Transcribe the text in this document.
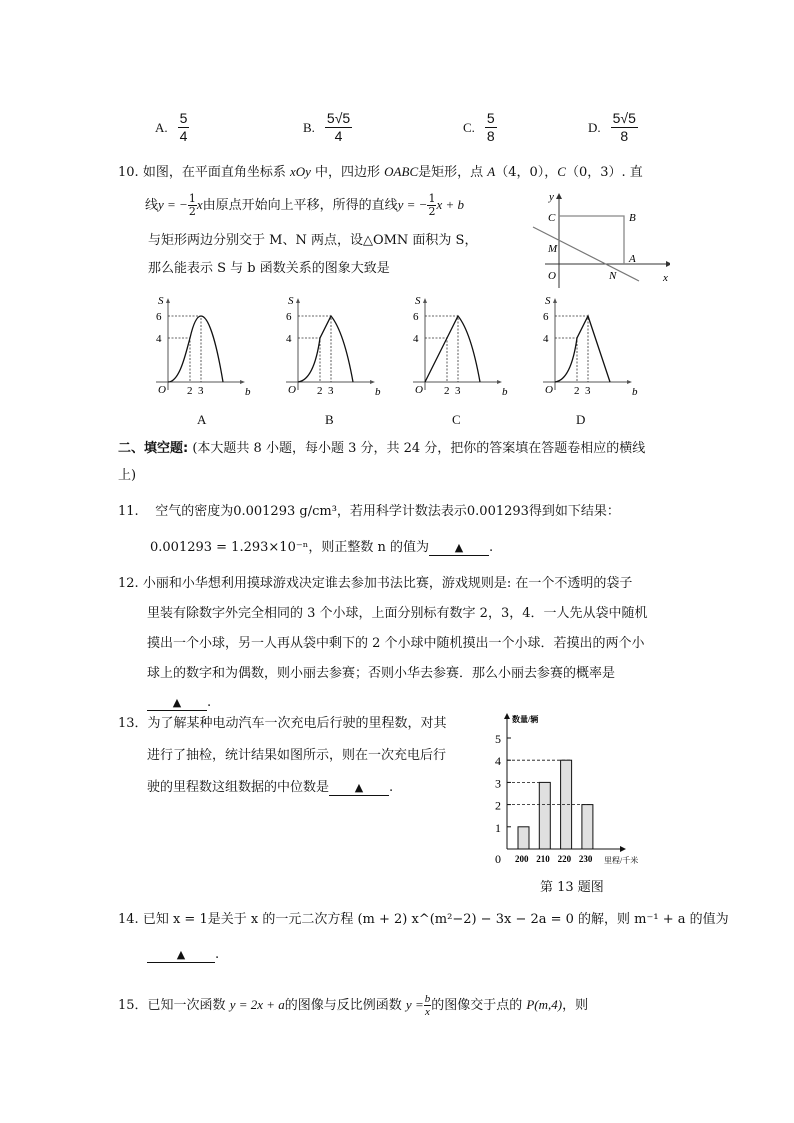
A. $\frac{5}{4}$	B. $\frac{5√5}{4}$	C. $\frac{5}{8}$	D. $\frac{5√5}{8}$
10. 如图，在平面直角坐标系 xOy 中，四边形 OABC是矩形，点 A（4，0），C（0，3）. 直
线y = − $\frac{1}{2}$ x由原点开始向上平移，所得的直线y = − $\frac{1}{2}$ x + b
与矩形两边分别交于 M、N 两点，设△OMN 面积为 S，
那么能表示 S 与 b 函数关系的图象大致是
y
x
C	B
M
A
O	N
S
b
O
6
4
2 3
S
b
O
6
4
2 3
S
b
O
6
4
2 3
S
b
O
6
4
2 3
A	B	C	D
二、填空题: (本大题共 8 小题，每小题 3 分，共 24 分，把你的答案填在答题卷相应的横线
上)
11. 空气的密度为0.001293 g/cm³，若用科学计数法表示0.001293得到如下结果：
0.001293 = 1.293×10⁻ⁿ，则正整数 n 的值为 ▲ .
12. 小丽和小华想利用摸球游戏决定谁去参加书法比赛，游戏规则是: 在一个不透明的袋子
里装有除数字外完全相同的 3 个小球，上面分别标有数字 2，3，4．一人先从袋中随机
摸出一个小球，另一人再从袋中剩下的 2 个小球中随机摸出一个小球．若摸出的两个小
球上的数字和为偶数，则小丽去参赛；否则小华去参赛．那么小丽去参赛的概率是
▲ .
13．为了解某种电动汽车一次充电后行驶的里程数，对其
进行了抽检，统计结果如图所示，则在一次充电后行
驶的里程数这组数据的中位数是 ▲ .
0
1
2
3
4
5
200 210 220 230
数量/辆
里程/千米
第 13 题图
14. 已知 x = 1是关于 x 的一元二次方程 (m + 2) x^(m²−2) − 3x − 2a = 0 的解，则 m⁻¹ + a 的值为
▲ .
15．已知一次函数 y = 2x + a的图像与反比例函数 $y = \frac{b}{x}$ 的图像交于点的 P(m,4)，则
